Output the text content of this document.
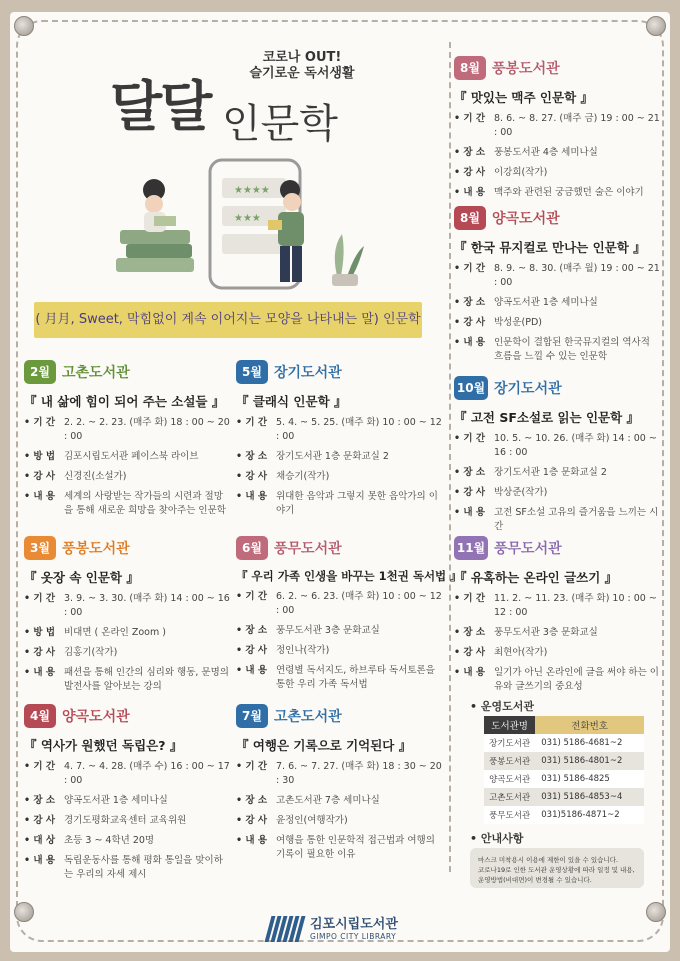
코로나 OUT!
슬기로운 독서생활
달달 인문학
★★★★
★★★
( 月月, Sweet, 막힘없이 계속 이어지는 모양을 나타내는 말) 인문학
2월 고촌도서관
『 내 삶에 힘이 되어 주는 소설들 』
• 기 간 2. 2. ~ 2. 23. (매주 화) 18 : 00 ~ 20 : 00
• 방 법 김포시립도서관 페이스북 라이브
• 강 사 신경진(소설가)
• 내 용 세계의 사랑받는 작가들의 시련과 절망을 통해 새로운 희망을 찾아주는 인문학
3월 풍봉도서관
『 옷장 속 인문학 』
• 기 간 3. 9. ~ 3. 30. (매주 화) 14 : 00 ~ 16 : 00
• 방 법 비대면 ( 온라인 Zoom )
• 강 사 김홍기(작가)
• 내 용 패션을 통해 인간의 심리와 행동, 문명의 발전사를 알아보는 강의
4월 양곡도서관
『 역사가 원했던 독립은? 』
• 기 간 4. 7. ~ 4. 28. (매주 수) 16 : 00 ~ 17 : 00
• 장 소 양곡도서관 1층 세미나실
• 강 사 경기도평화교육센터 교육위원
• 대 상 초등 3 ~ 4학년 20명
• 내 용 독립운동사를 통해 평화 통일을 맞이하는 우리의 자세 제시
5월 장기도서관
『 클래식 인문학 』
• 기 간 5. 4. ~ 5. 25. (매주 화) 10 : 00 ~ 12 : 00
• 장 소 장기도서관 1층 문화교실 2
• 강 사 채승기(작가)
• 내 용 위대한 음악과 그렇지 못한 음악가의 이야기
6월 풍무도서관
『 우리 가족 인생을 바꾸는 1천권 독서법 』
• 기 간 6. 2. ~ 6. 23. (매주 화) 10 : 00 ~ 12 : 00
• 장 소 풍무도서관 3층 문화교실
• 강 사 정인나(작가)
• 내 용 연령별 독서지도, 하브루타 독서토론을 통한 우리 가족 독서법
7월 고촌도서관
『 여행은 기록으로 기억된다 』
• 기 간 7. 6. ~ 7. 27. (매주 화) 18 : 30 ~ 20 : 30
• 장 소 고촌도서관 7층 세미나실
• 강 사 윤정인(여행작가)
• 내 용 여행을 통한 인문학적 접근법과 여행의 기록이 필요한 이유
8월 풍봉도서관
『 맛있는 맥주 인문학 』
• 기 간 8. 6. ~ 8. 27. (매주 금) 19 : 00 ~ 21 : 00
• 장 소 풍봉도서관 4층 세미나실
• 강 사 이강희(작가)
• 내 용 맥주와 관련된 궁금했던 술은 이야기
8월 양곡도서관
『 한국 뮤지컬로 만나는 인문학 』
• 기 간 8. 9. ~ 8. 30. (매주 월) 19 : 00 ~ 21 : 00
• 장 소 양곡도서관 1층 세미나실
• 강 사 박성운(PD)
• 내 용 인문학이 결합된 한국뮤지컬의 역사적 흐름을 느낄 수 있는 인문학
10월 장기도서관
『 고전 SF소설로 읽는 인문학 』
• 기 간 10. 5. ~ 10. 26. (매주 화) 14 : 00 ~ 16 : 00
• 장 소 장기도서관 1층 문화교실 2
• 강 사 박상준(작가)
• 내 용 고전 SF소설 고유의 즐거움을 느끼는 시간
11월 풍무도서관
『 유혹하는 온라인 글쓰기 』
• 기 간 11. 2. ~ 11. 23. (매주 화) 10 : 00 ~ 12 : 00
• 장 소 풍무도서관 3층 문화교실
• 강 사 최현아(작가)
• 내 용 일기가 아닌 온라인에 글을 써야 하는 이유와 글쓰기의 중요성
• 운영도서관
도서관명	전화번호
장기도서관	031) 5186-4681~2
풍봉도서관	031) 5186-4801~2
양곡도서관	031) 5186-4825
고촌도서관	031) 5186-4853~4
풍무도서관	031)5186-4871~2
• 안내사항
마스크 미착용시 이용에 제한이 있을 수 있습니다.
코로나19로 인한 도서관 운영상황에 따라 일정 및 내용, 운영방법(비대면)이 변경될 수 있습니다.
김포시립도서관
GIMPO CITY LIBRARY
